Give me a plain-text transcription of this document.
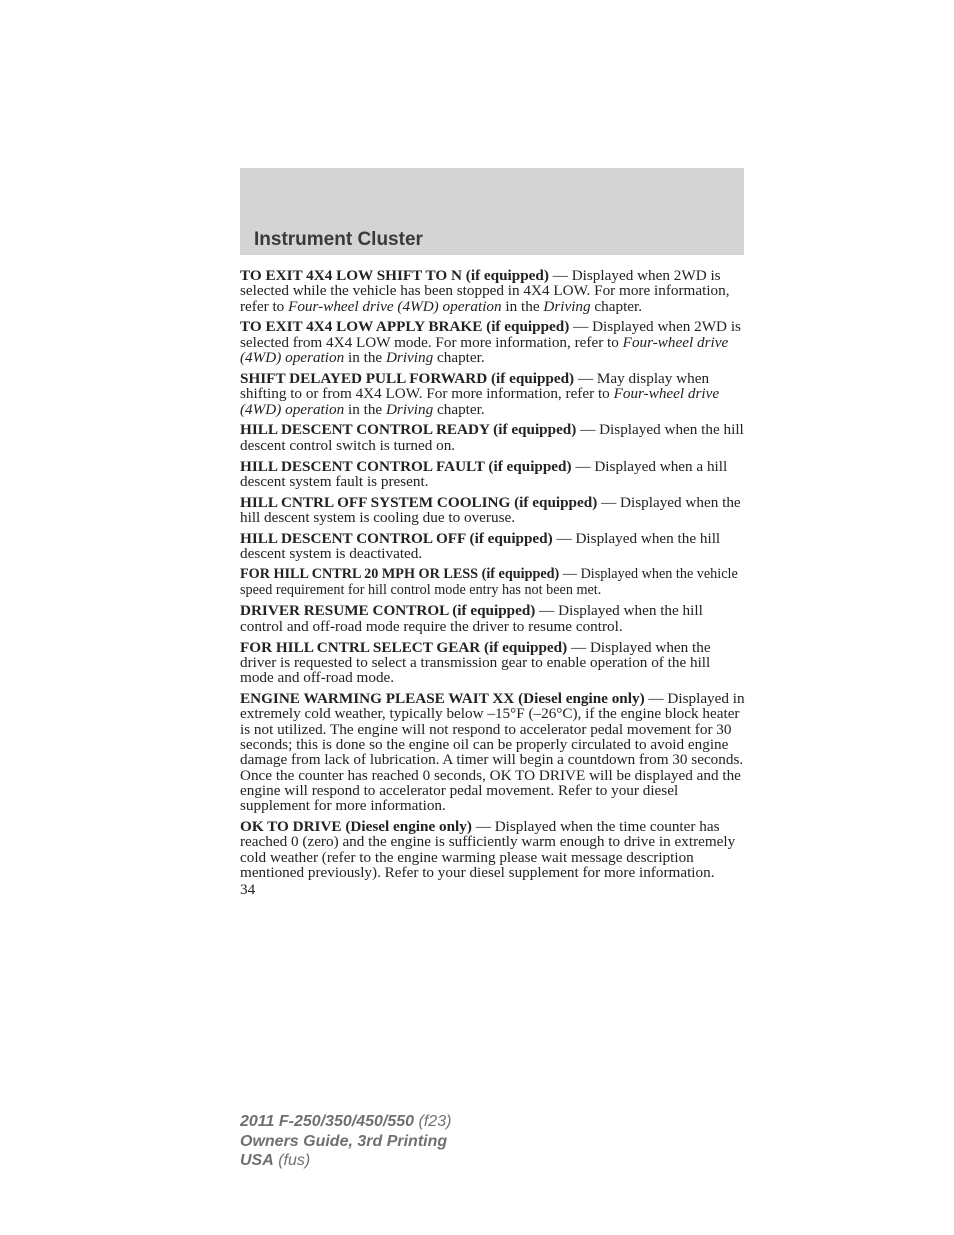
Instrument Cluster

TO EXIT 4X4 LOW SHIFT TO N (if equipped) — Displayed when 2WD is selected while the vehicle has been stopped in 4X4 LOW. For more information, refer to Four-wheel drive (4WD) operation in the Driving chapter.

TO EXIT 4X4 LOW APPLY BRAKE (if equipped) — Displayed when 2WD is selected from 4X4 LOW mode. For more information, refer to Four-wheel drive (4WD) operation in the Driving chapter.

SHIFT DELAYED PULL FORWARD (if equipped) — May display when shifting to or from 4X4 LOW. For more information, refer to Four-wheel drive (4WD) operation in the Driving chapter.

HILL DESCENT CONTROL READY (if equipped) — Displayed when the hill descent control switch is turned on.

HILL DESCENT CONTROL FAULT (if equipped) — Displayed when a hill descent system fault is present.

HILL CNTRL OFF SYSTEM COOLING (if equipped) — Displayed when the hill descent system is cooling due to overuse.

HILL DESCENT CONTROL OFF (if equipped) — Displayed when the hill descent system is deactivated.

FOR HILL CNTRL 20 MPH OR LESS (if equipped) — Displayed when the vehicle speed requirement for hill control mode entry has not been met.

DRIVER RESUME CONTROL (if equipped) — Displayed when the hill control and off-road mode require the driver to resume control.

FOR HILL CNTRL SELECT GEAR (if equipped) — Displayed when the driver is requested to select a transmission gear to enable operation of the hill mode and off-road mode.

ENGINE WARMING PLEASE WAIT XX (Diesel engine only) — Displayed in extremely cold weather, typically below –15°F (–26°C), if the engine block heater is not utilized. The engine will not respond to accelerator pedal movement for 30 seconds; this is done so the engine oil can be properly circulated to avoid engine damage from lack of lubrication. A timer will begin a countdown from 30 seconds. Once the counter has reached 0 seconds, OK TO DRIVE will be displayed and the engine will respond to accelerator pedal movement. Refer to your diesel supplement for more information.

OK TO DRIVE (Diesel engine only) — Displayed when the time counter has reached 0 (zero) and the engine is sufficiently warm enough to drive in extremely cold weather (refer to the engine warming please wait message description mentioned previously). Refer to your diesel supplement for more information.

34

2011 F-250/350/450/550 (f23)
Owners Guide, 3rd Printing
USA (fus)
